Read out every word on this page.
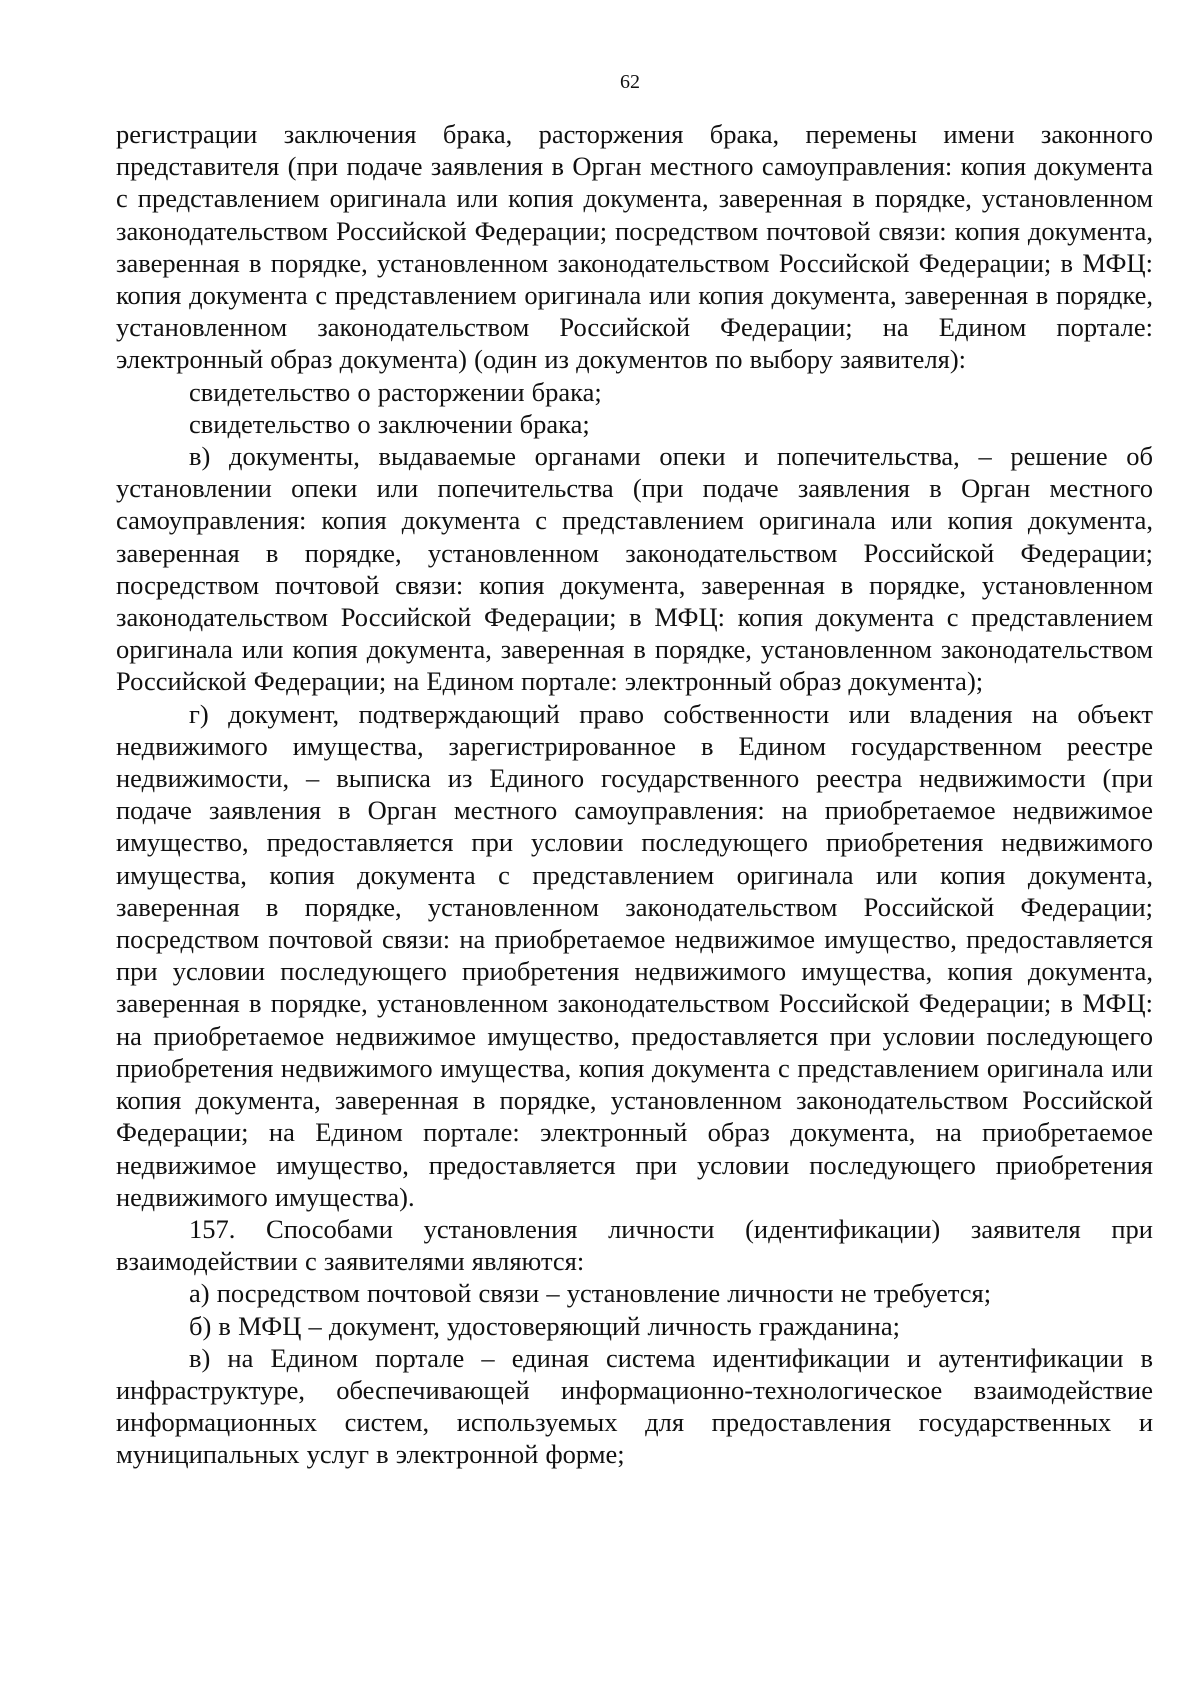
62

регистрации заключения брака, расторжения брака, перемены имени законного представителя (при подаче заявления в Орган местного самоуправления: копия документа с представлением оригинала или копия документа, заверенная в порядке, установленном законодательством Российской Федерации; посредством почтовой связи: копия документа, заверенная в порядке, установленном законодательством Российской Федерации; в МФЦ: копия документа с представлением оригинала или копия документа, заверенная в порядке, установленном законодательством Российской Федерации; на Едином портале: электронный образ документа) (один из документов по выбору заявителя):

свидетельство о расторжении брака;

свидетельство о заключении брака;

в) документы, выдаваемые органами опеки и попечительства, – решение об установлении опеки или попечительства (при подаче заявления в Орган местного самоуправления: копия документа с представлением оригинала или копия документа, заверенная в порядке, установленном законодательством Российской Федерации; посредством почтовой связи: копия документа, заверенная в порядке, установленном законодательством Российской Федерации; в МФЦ: копия документа с представлением оригинала или копия документа, заверенная в порядке, установленном законодательством Российской Федерации; на Едином портале: электронный образ документа);

г) документ, подтверждающий право собственности или владения на объект недвижимого имущества, зарегистрированное в Едином государственном реестре недвижимости, – выписка из Единого государственного реестра недвижимости (при подаче заявления в Орган местного самоуправления: на приобретаемое недвижимое имущество, предоставляется при условии последующего приобретения недвижимого имущества, копия документа с представлением оригинала или копия документа, заверенная в порядке, установленном законодательством Российской Федерации; посредством почтовой связи: на приобретаемое недвижимое имущество, предоставляется при условии последующего приобретения недвижимого имущества, копия документа, заверенная в порядке, установленном законодательством Российской Федерации; в МФЦ: на приобретаемое недвижимое имущество, предоставляется при условии последующего приобретения недвижимого имущества, копия документа с представлением оригинала или копия документа, заверенная в порядке, установленном законодательством Российской Федерации; на Едином портале: электронный образ документа, на приобретаемое недвижимое имущество, предоставляется при условии последующего приобретения недвижимого имущества).

157. Способами установления личности (идентификации) заявителя при взаимодействии с заявителями являются:

а) посредством почтовой связи – установление личности не требуется;

б) в МФЦ – документ, удостоверяющий личность гражданина;

в) на Едином портале – единая система идентификации и аутентификации в инфраструктуре, обеспечивающей информационно-технологическое взаимодействие информационных систем, используемых для предоставления государственных и муниципальных услуг в электронной форме;
